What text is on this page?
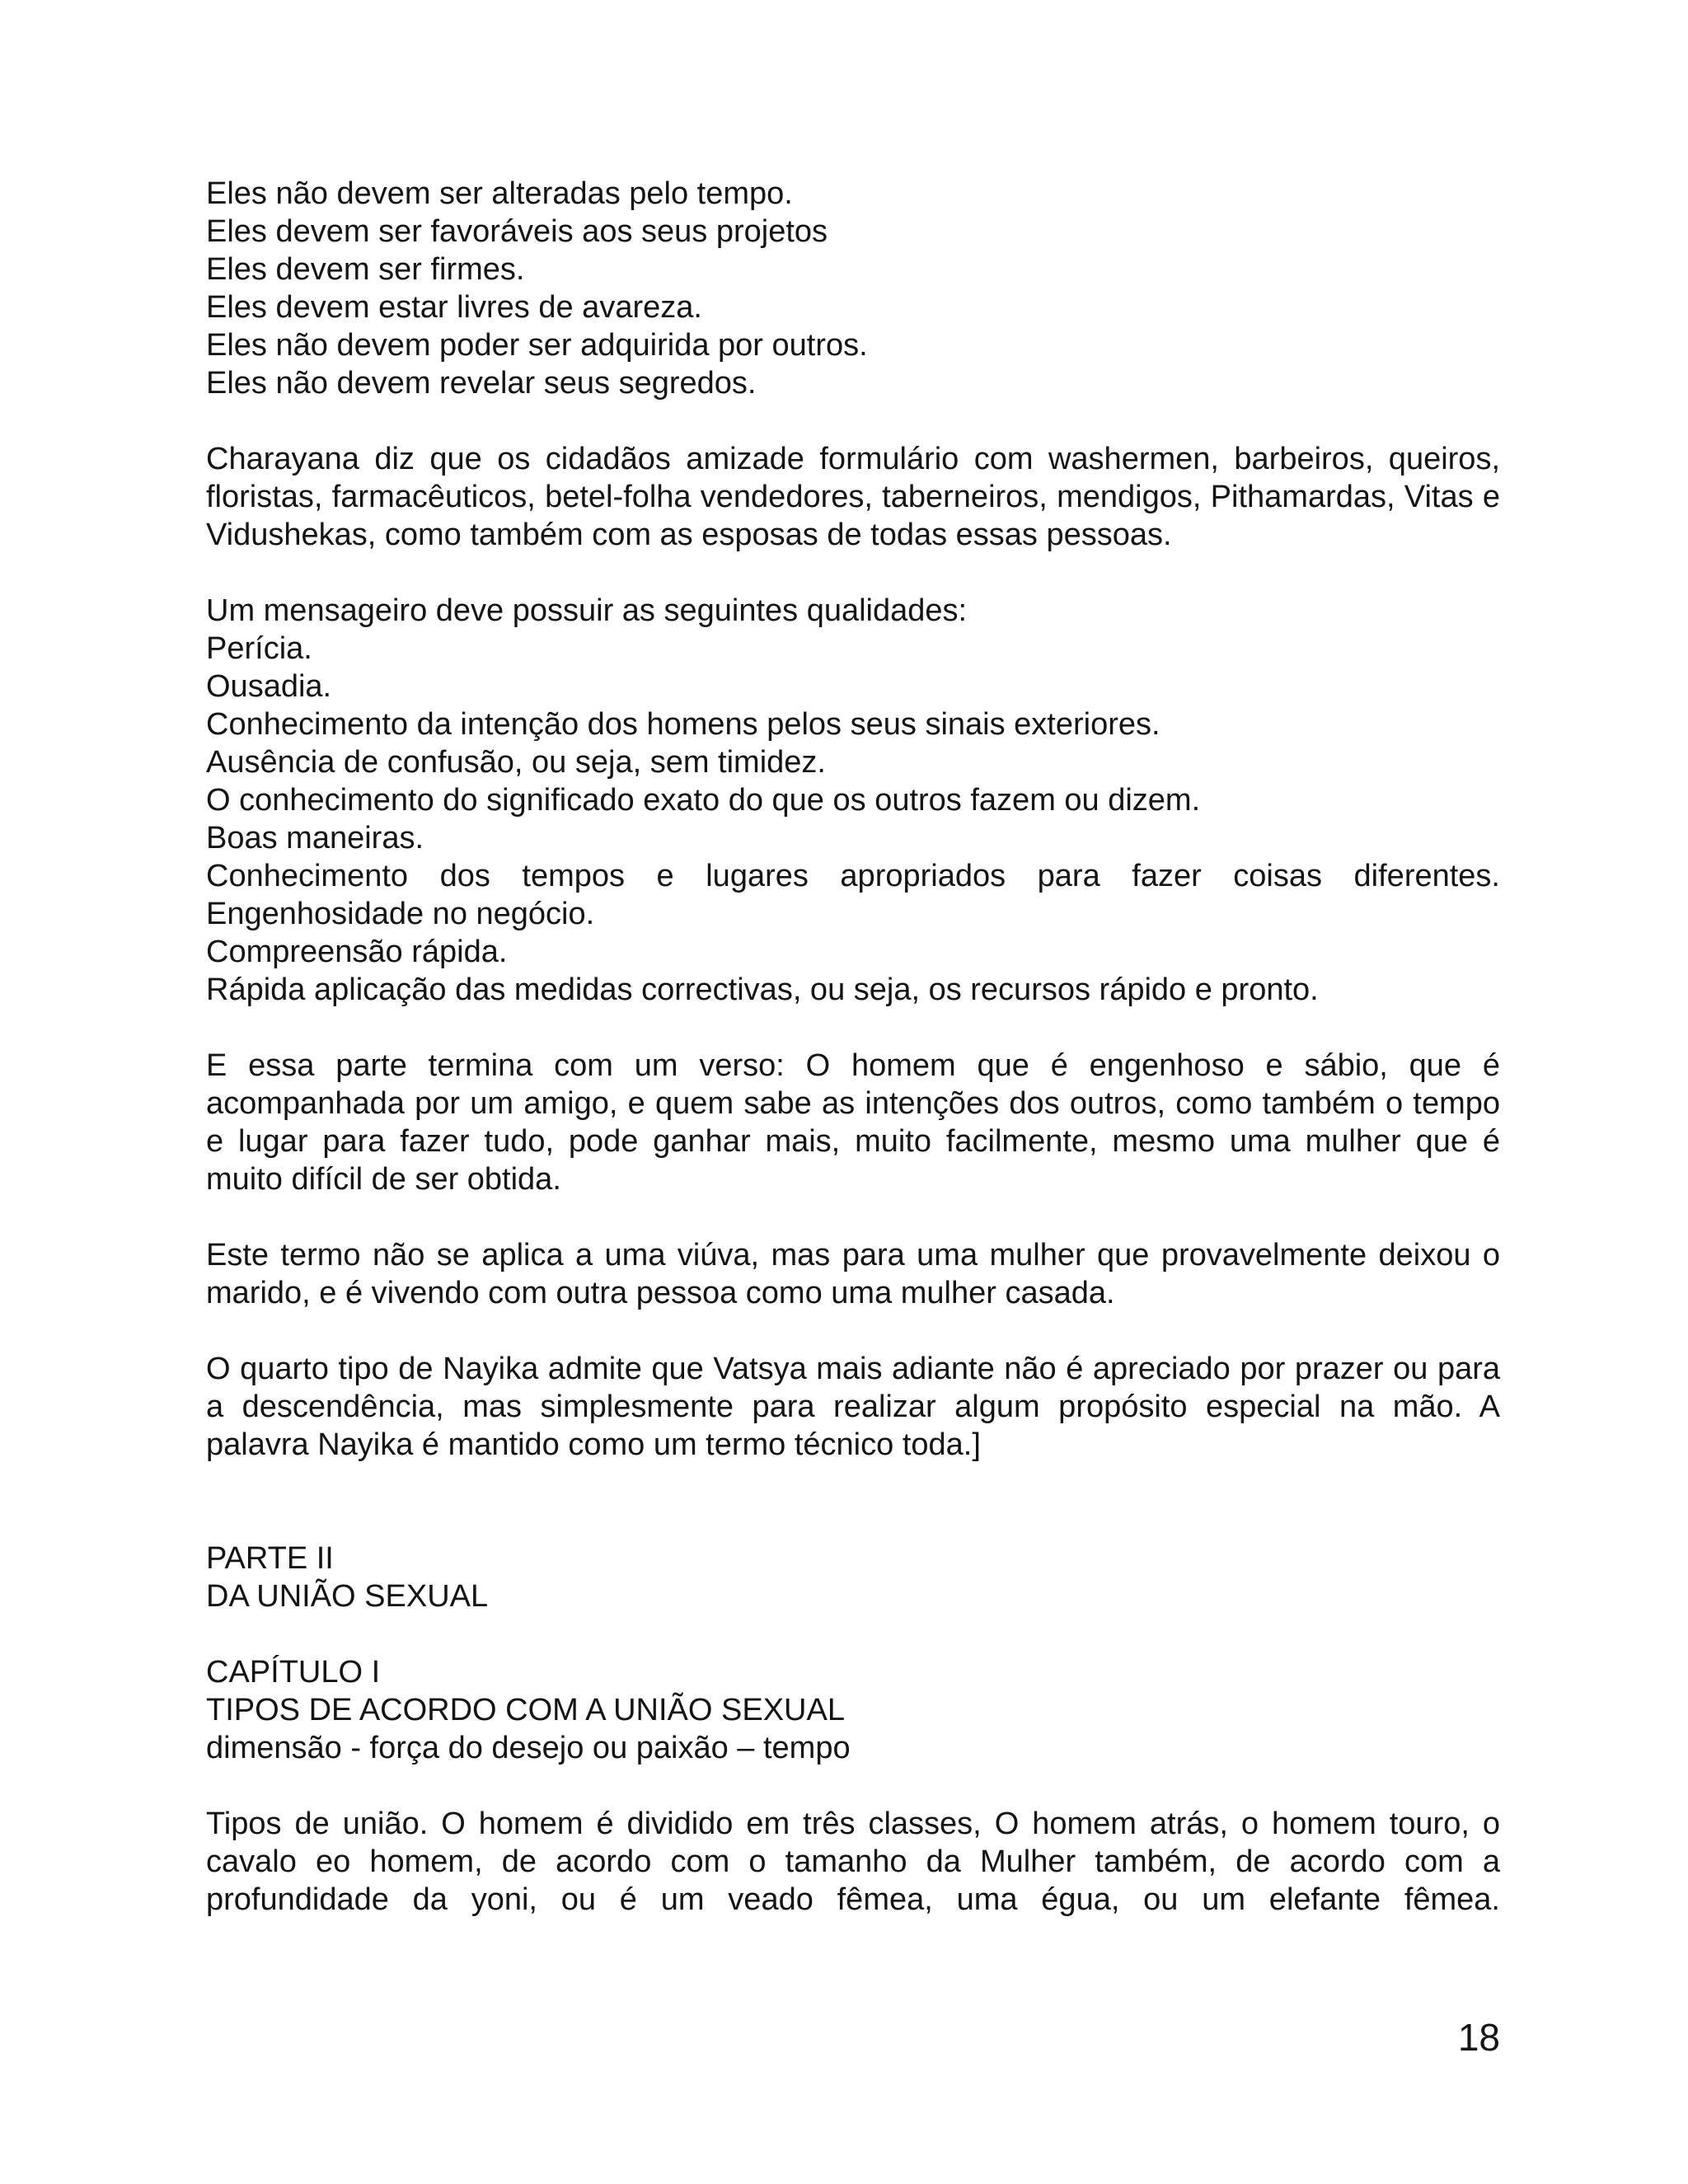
Eles não devem ser alteradas pelo tempo.
Eles devem ser favoráveis aos seus projetos
Eles devem ser firmes.
Eles devem estar livres de avareza.
Eles não devem poder ser adquirida por outros.
Eles não devem revelar seus segredos.

Charayana diz que os cidadãos amizade formulário com washermen, barbeiros, queiros, floristas, farmacêuticos, betel-folha vendedores, taberneiros, mendigos, Pithamardas, Vitas e Vidushekas, como também com as esposas de todas essas pessoas.

Um mensageiro deve possuir as seguintes qualidades:
Perícia.
Ousadia.
Conhecimento da intenção dos homens pelos seus sinais exteriores.
Ausência de confusão, ou seja, sem timidez.
O conhecimento do significado exato do que os outros fazem ou dizem.
Boas maneiras.
Conhecimento dos tempos e lugares apropriados para fazer coisas diferentes.
Engenhosidade no negócio.
Compreensão rápida.
Rápida aplicação das medidas correctivas, ou seja, os recursos rápido e pronto.

E essa parte termina com um verso: O homem que é engenhoso e sábio, que é acompanhada por um amigo, e quem sabe as intenções dos outros, como também o tempo e lugar para fazer tudo, pode ganhar mais, muito facilmente, mesmo uma mulher que é muito difícil de ser obtida.

Este termo não se aplica a uma viúva, mas para uma mulher que provavelmente deixou o marido, e é vivendo com outra pessoa como uma mulher casada.

O quarto tipo de Nayika admite que Vatsya mais adiante não é apreciado por prazer ou para a descendência, mas simplesmente para realizar algum propósito especial na mão. A palavra Nayika é mantido como um termo técnico toda.]

PARTE II
DA UNIÃO SEXUAL
CAPÍTULO I
TIPOS DE ACORDO COM A UNIÃO SEXUAL
dimensão - força do desejo ou paixão – tempo

Tipos de união. O homem é dividido em três classes, O homem atrás, o homem touro, o cavalo eo homem, de acordo com o tamanho da Mulher também, de acordo com a profundidade da yoni, ou é um veado fêmea, uma égua, ou um elefante fêmea.

18
